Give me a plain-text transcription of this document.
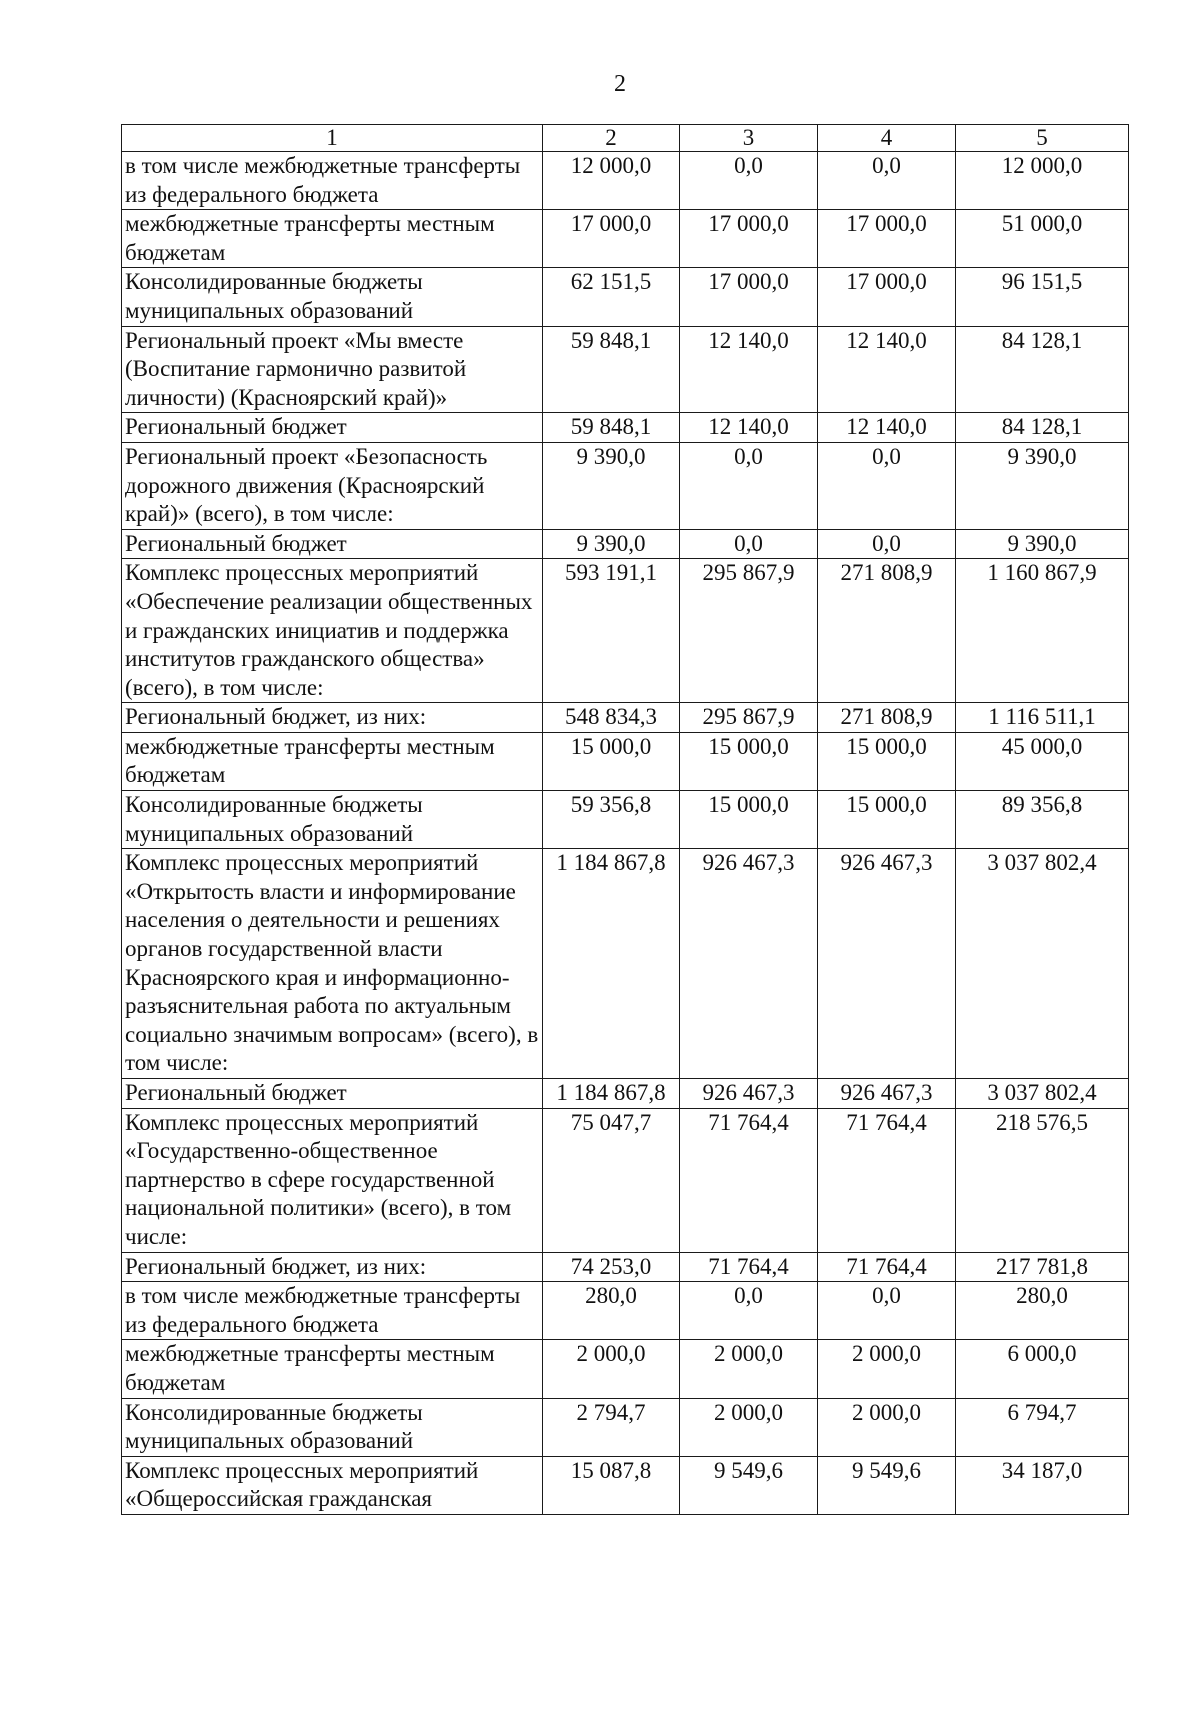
2
1	2	3	4	5
в том числе межбюджетные трансферты из федерального бюджета	12 000,0	0,0	0,0	12 000,0
межбюджетные трансферты местным бюджетам	17 000,0	17 000,0	17 000,0	51 000,0
Консолидированные бюджеты муниципальных образований	62 151,5	17 000,0	17 000,0	96 151,5
Региональный проект «Мы вместе (Воспитание гармонично развитой личности) (Красноярский край)»	59 848,1	12 140,0	12 140,0	84 128,1
Региональный бюджет	59 848,1	12 140,0	12 140,0	84 128,1
Региональный проект «Безопасность дорожного движения (Красноярский край)» (всего), в том числе:	9 390,0	0,0	0,0	9 390,0
Региональный бюджет	9 390,0	0,0	0,0	9 390,0
Комплекс процессных мероприятий «Обеспечение реализации общественных и гражданских инициатив и поддержка институтов гражданского общества» (всего), в том числе:	593 191,1	295 867,9	271 808,9	1 160 867,9
Региональный бюджет, из них:	548 834,3	295 867,9	271 808,9	1 116 511,1
межбюджетные трансферты местным бюджетам	15 000,0	15 000,0	15 000,0	45 000,0
Консолидированные бюджеты муниципальных образований	59 356,8	15 000,0	15 000,0	89 356,8
Комплекс процессных мероприятий «Открытость власти и информирование населения о деятельности и решениях органов государственной власти Красноярского края и информационно-разъяснительная работа по актуальным социально значимым вопросам» (всего), в том числе:	1 184 867,8	926 467,3	926 467,3	3 037 802,4
Региональный бюджет	1 184 867,8	926 467,3	926 467,3	3 037 802,4
Комплекс процессных мероприятий «Государственно-общественное партнерство в сфере государственной национальной политики» (всего), в том числе:	75 047,7	71 764,4	71 764,4	218 576,5
Региональный бюджет, из них:	74 253,0	71 764,4	71 764,4	217 781,8
в том числе межбюджетные трансферты из федерального бюджета	280,0	0,0	0,0	280,0
межбюджетные трансферты местным бюджетам	2 000,0	2 000,0	2 000,0	6 000,0
Консолидированные бюджеты муниципальных образований	2 794,7	2 000,0	2 000,0	6 794,7
Комплекс процессных мероприятий «Общероссийская гражданская	15 087,8	9 549,6	9 549,6	34 187,0
